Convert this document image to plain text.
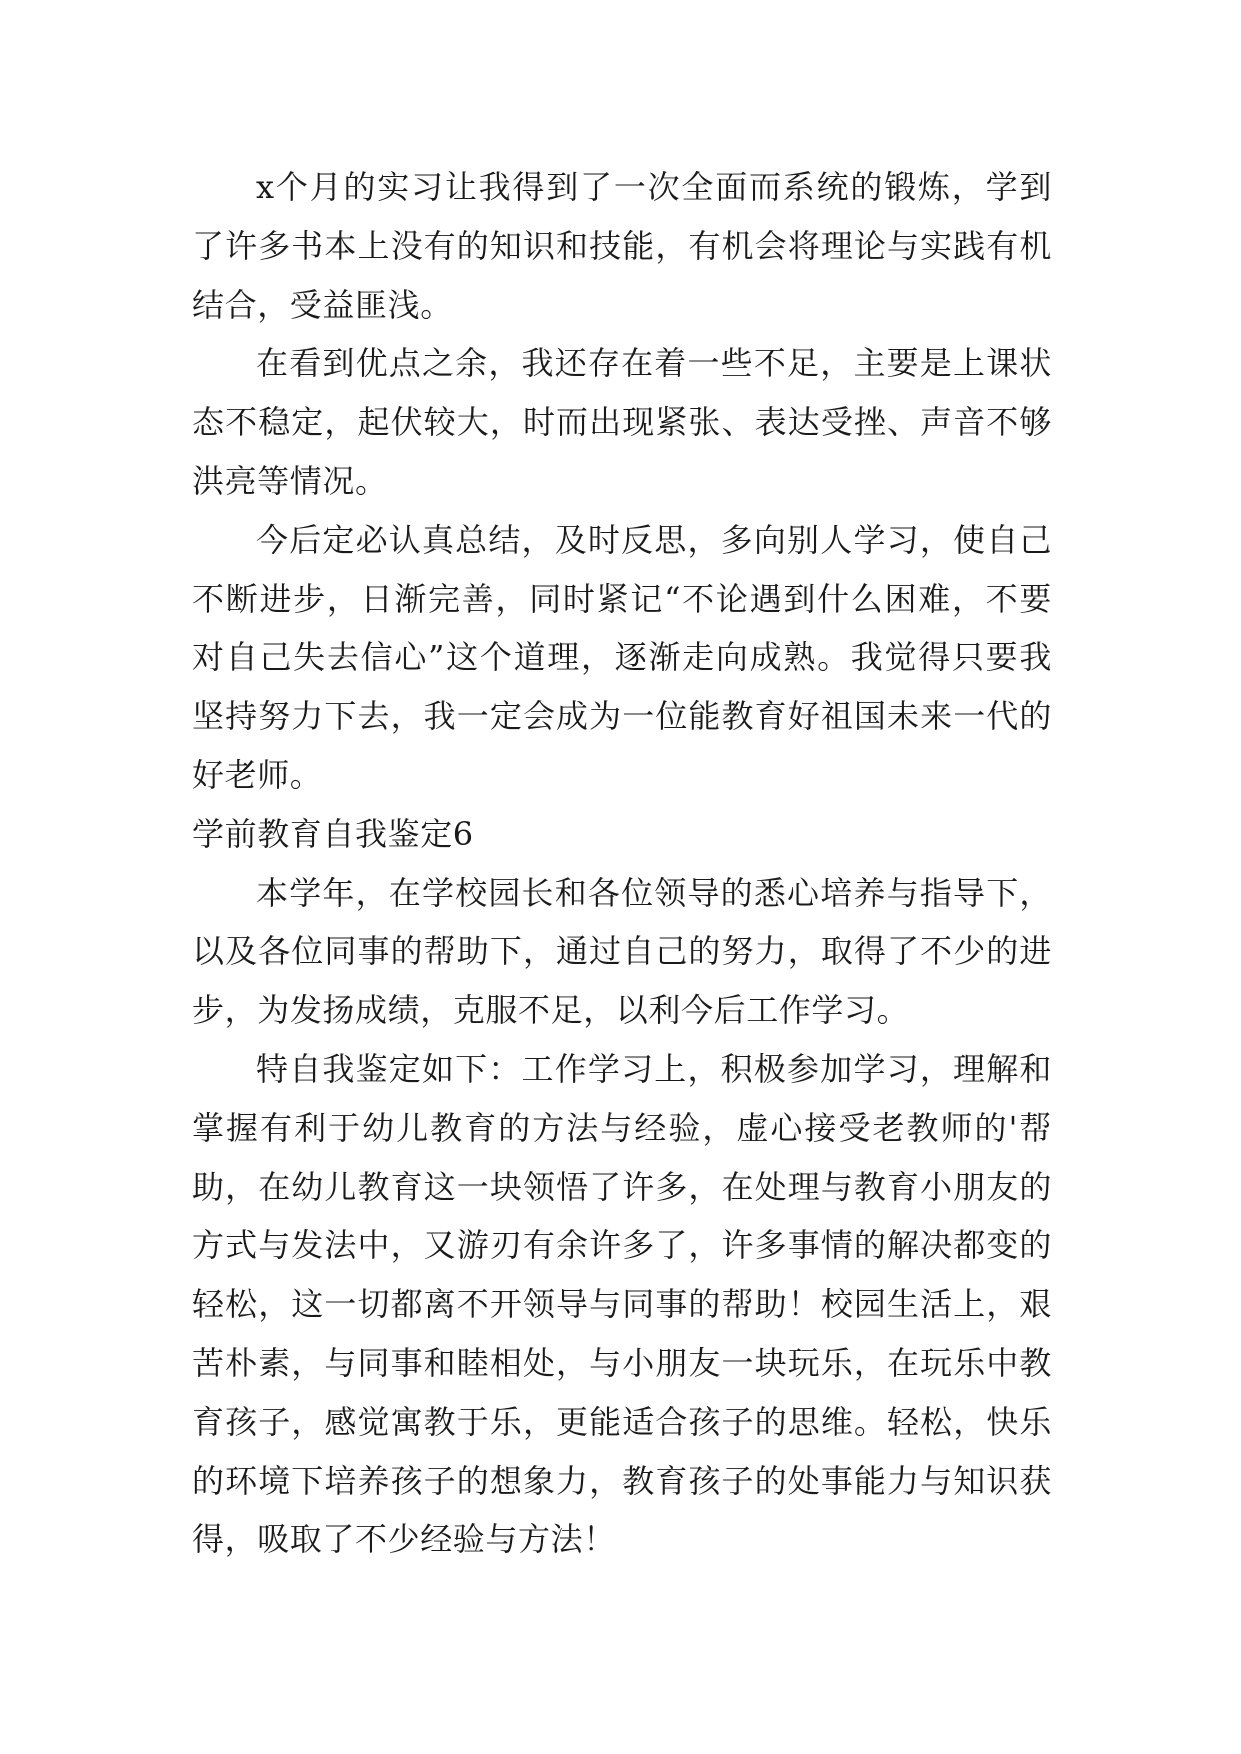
x个月的实习让我得到了一次全面而系统的锻炼，学到了许多书本上没有的知识和技能，有机会将理论与实践有机结合，受益匪浅。

在看到优点之余，我还存在着一些不足，主要是上课状态不稳定，起伏较大，时而出现紧张、表达受挫、声音不够洪亮等情况。

今后定必认真总结，及时反思，多向别人学习，使自己不断进步，日渐完善，同时紧记“不论遇到什么困难，不要对自己失去信心”这个道理，逐渐走向成熟。我觉得只要我坚持努力下去，我一定会成为一位能教育好祖国未来一代的好老师。

学前教育自我鉴定6

本学年，在学校园长和各位领导的悉心培养与指导下，以及各位同事的帮助下，通过自己的努力，取得了不少的进步，为发扬成绩，克服不足，以利今后工作学习。

特自我鉴定如下：工作学习上，积极参加学习，理解和掌握有利于幼儿教育的方法与经验，虚心接受老教师的'帮助，在幼儿教育这一块领悟了许多，在处理与教育小朋友的方式与发法中，又游刃有余许多了，许多事情的解决都变的轻松，这一切都离不开领导与同事的帮助！校园生活上，艰苦朴素，与同事和睦相处，与小朋友一块玩乐，在玩乐中教育孩子，感觉寓教于乐，更能适合孩子的思维。轻松，快乐的环境下培养孩子的想象力，教育孩子的处事能力与知识获得，吸取了不少经验与方法！
